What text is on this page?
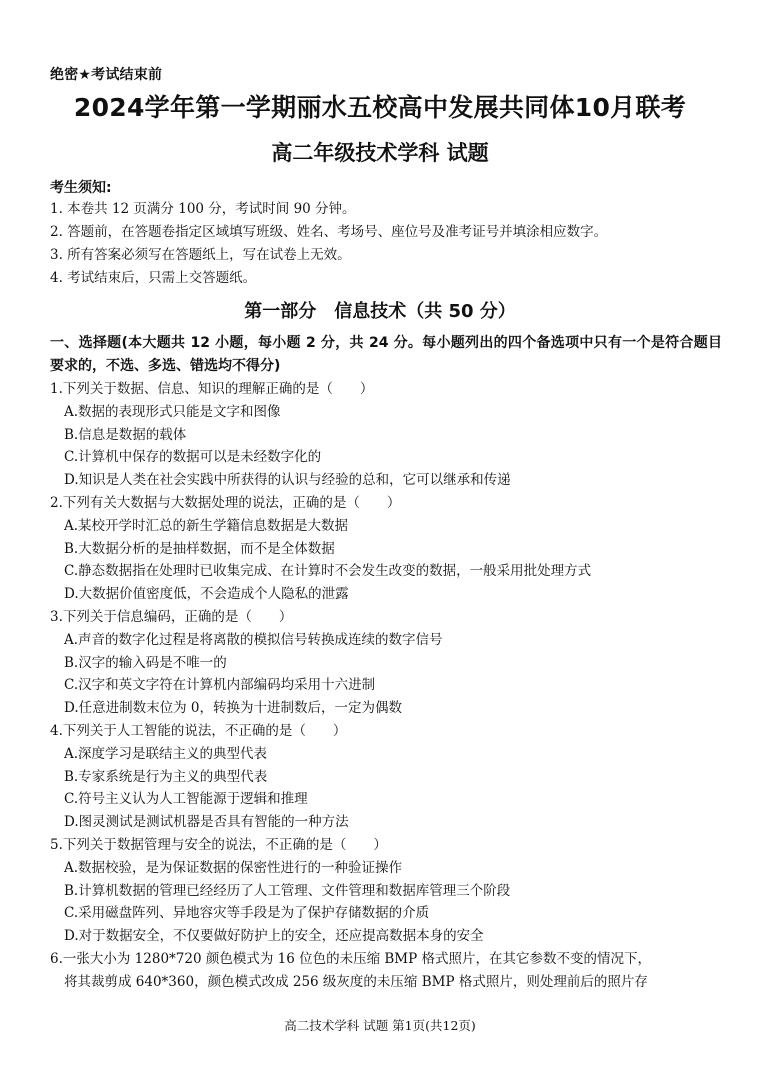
绝密★考试结束前
2024学年第一学期丽水五校高中发展共同体10月联考
高二年级技术学科 试题
考生须知:
1. 本卷共 12 页满分 100 分，考试时间 90 分钟。
2. 答题前，在答题卷指定区域填写班级、姓名、考场号、座位号及准考证号并填涂相应数字。
3. 所有答案必须写在答题纸上，写在试卷上无效。
4. 考试结束后，只需上交答题纸。
第一部分　信息技术（共 50 分）
一、选择题(本大题共 12 小题，每小题 2 分，共 24 分。每小题列出的四个备选项中只有一个是符合题目要求的，不选、多选、错选均不得分)
1.下列关于数据、信息、知识的理解正确的是（　　）
A.数据的表现形式只能是文字和图像
B.信息是数据的载体
C.计算机中保存的数据可以是未经数字化的
D.知识是人类在社会实践中所获得的认识与经验的总和，它可以继承和传递
2.下列有关大数据与大数据处理的说法，正确的是（　　）
A.某校开学时汇总的新生学籍信息数据是大数据
B.大数据分析的是抽样数据，而不是全体数据
C.静态数据指在处理时已收集完成、在计算时不会发生改变的数据，一般采用批处理方式
D.大数据价值密度低，不会造成个人隐私的泄露
3.下列关于信息编码，正确的是（　　）
A.声音的数字化过程是将离散的模拟信号转换成连续的数字信号
B.汉字的输入码是不唯一的
C.汉字和英文字符在计算机内部编码均采用十六进制
D.任意进制数末位为 0，转换为十进制数后，一定为偶数
4.下列关于人工智能的说法，不正确的是（　　）
A.深度学习是联结主义的典型代表
B.专家系统是行为主义的典型代表
C.符号主义认为人工智能源于逻辑和推理
D.图灵测试是测试机器是否具有智能的一种方法
5.下列关于数据管理与安全的说法，不正确的是（　　）
A.数据校验，是为保证数据的保密性进行的一种验证操作
B.计算机数据的管理已经经历了人工管理、文件管理和数据库管理三个阶段
C.采用磁盘阵列、异地容灾等手段是为了保护存储数据的介质
D.对于数据安全，不仅要做好防护上的安全，还应提高数据本身的安全
6.一张大小为 1280*720 颜色模式为 16 位色的未压缩 BMP 格式照片，在其它参数不变的情况下，
将其裁剪成 640*360，颜色模式改成 256 级灰度的未压缩 BMP 格式照片，则处理前后的照片存
高二技术学科 试题 第1页(共12页)
